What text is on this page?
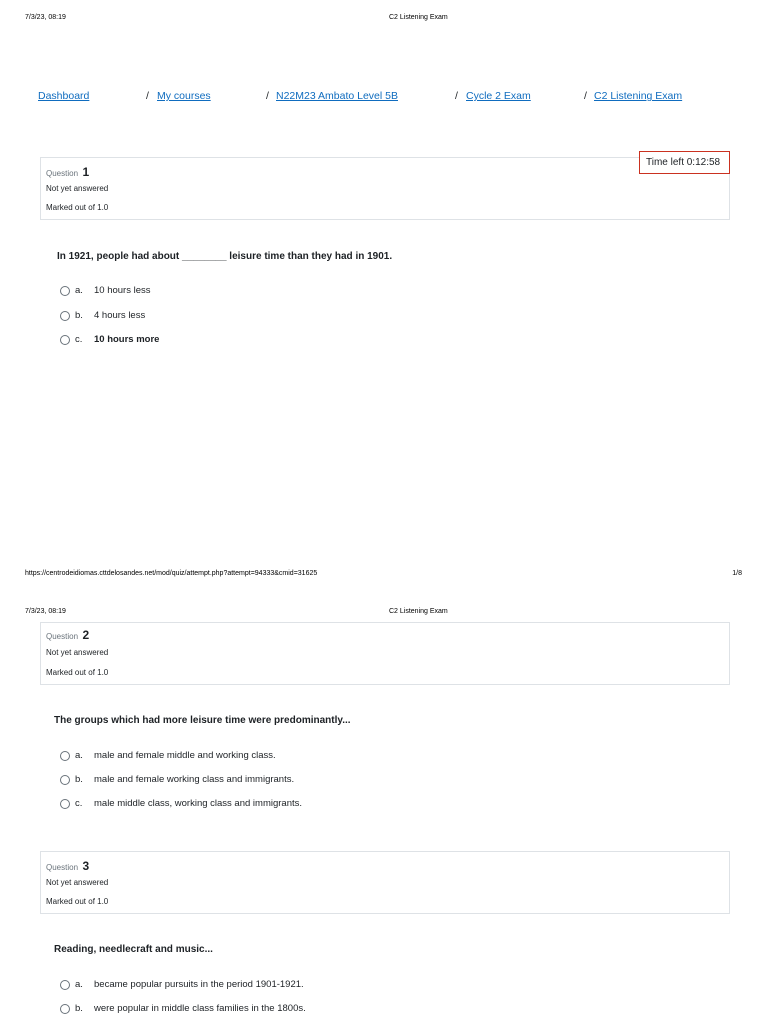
7/3/23, 08:19	C2 Listening Exam
Dashboard	/ My courses	/ N22M23 Ambato Level 5B	/ Cycle 2 Exam	/ C2 Listening Exam
Time left 0:12:58
Question 1
Not yet answered
Marked out of 1.0
In 1921, people had about ________ leisure time than they had in 1901.
a. 10 hours less
b. 4 hours less
c. 10 hours more
https://centrodeidiomas.cttdelosandes.net/mod/quiz/attempt.php?attempt=94333&cmid=31625	1/8
7/3/23, 08:19	C2 Listening Exam
Question 2
Not yet answered
Marked out of 1.0
The groups which had more leisure time were predominantly...
a. male and female middle and working class.
b. male and female working class and immigrants.
c. male middle class, working class and immigrants.
Question 3
Not yet answered
Marked out of 1.0
Reading, needlecraft and music...
a. became popular pursuits in the period 1901-1921.
b. were popular in middle class families in the 1800s.
